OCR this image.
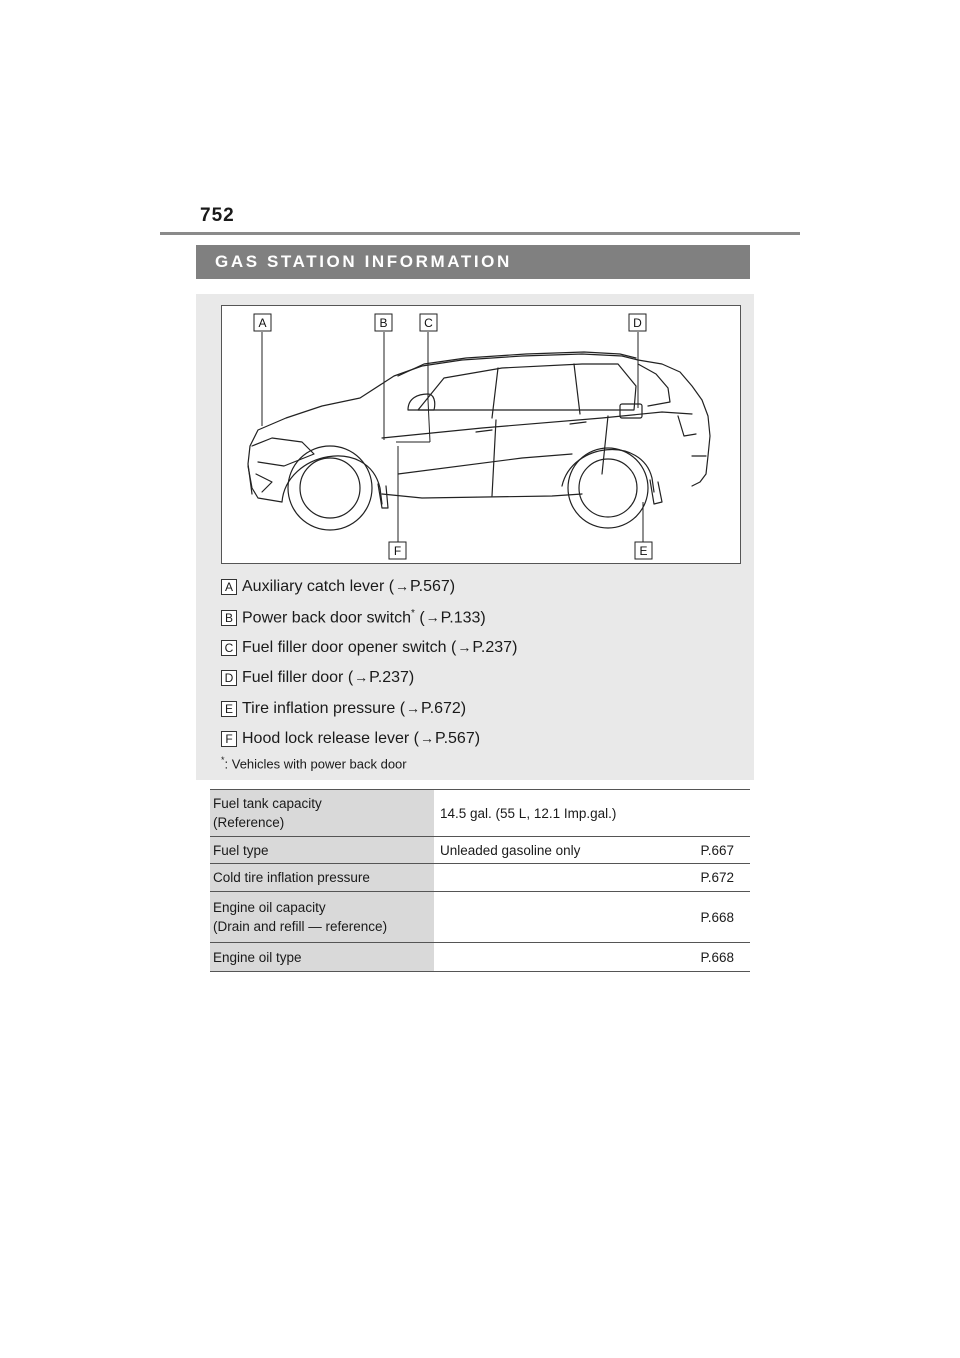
752
GAS STATION INFORMATION
A	B	C	D
E
F
A Auxiliary catch lever (→P.567)
B Power back door switch* (→P.133)
C Fuel filler door opener switch (→P.237)
D Fuel filler door (→P.237)
E Tire inflation pressure (→P.672)
F Hood lock release lever (→P.567)
*: Vehicles with power back door
Fuel tank capacity
(Reference)	14.5 gal. (55 L, 12.1 Imp.gal.)	

Fuel type	Unleaded gasoline only	P.667

Cold tire inflation pressure		P.672

Engine oil capacity
(Drain and refill — reference)		P.668

Engine oil type		P.668
